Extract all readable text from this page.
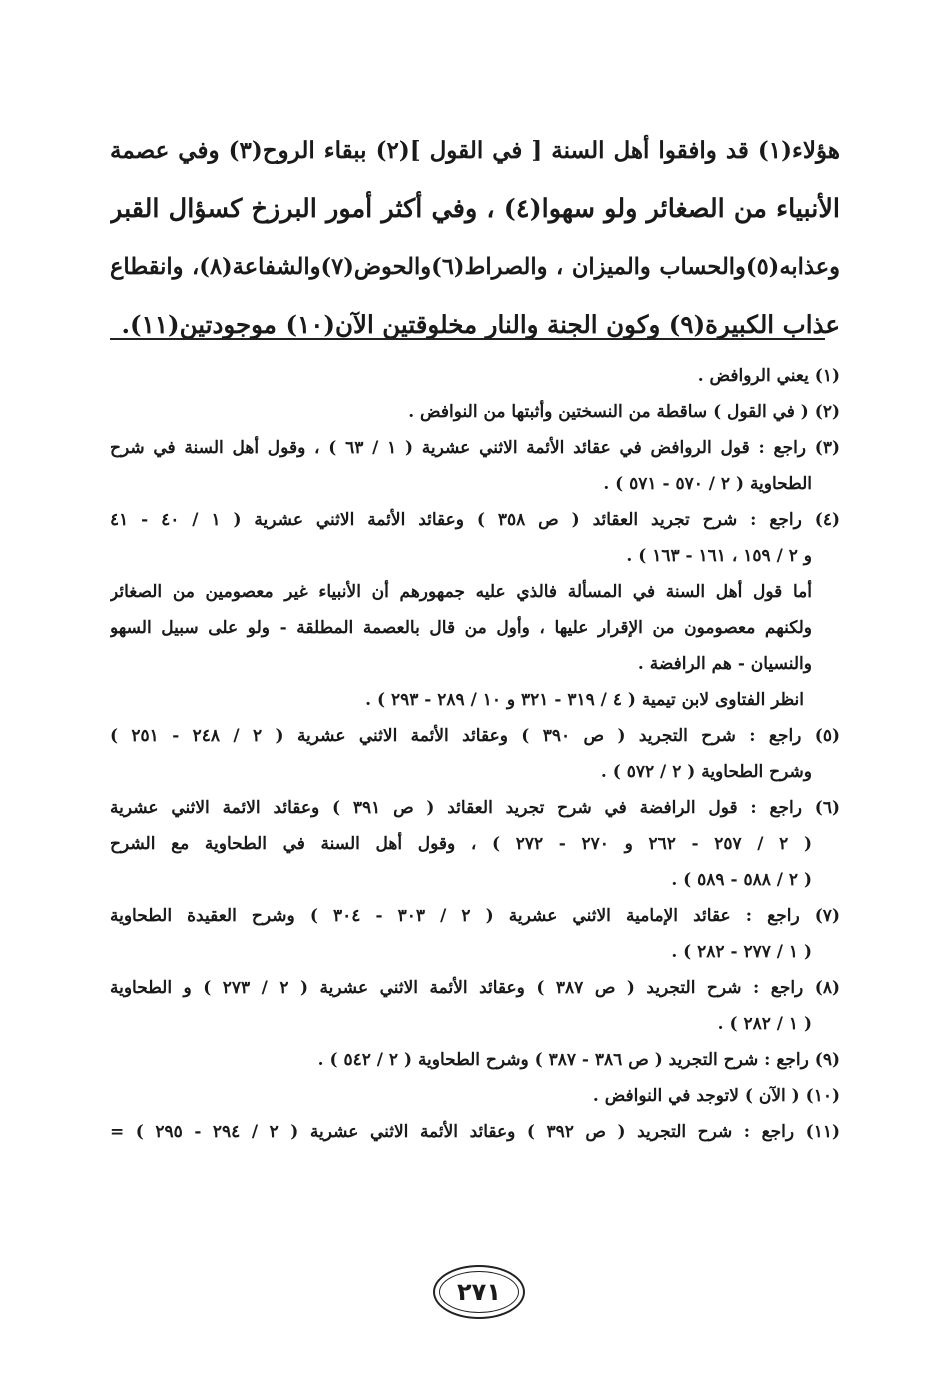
هؤلاء(١) قد وافقوا أهل السنة [ في القول ](٢) ببقاء الروح(٣) وفي عصمة
الأنبياء من الصغائر ولو سهوا(٤) ، وفي أكثر أمور البرزخ كسؤال القبر
وعذابه(٥)والحساب والميزان ، والصراط(٦)والحوض(٧)والشفاعة(٨)، وانقطاع
عذاب الكبيرة(٩) وكون الجنة والنار مخلوقتين الآن(١٠) موجودتين(١١).
(١) يعني الروافض .
(٢) ( في القول ) ساقطة من النسختين وأثبتها من النوافض .
(٣) راجع : قول الروافض في عقائد الأئمة الاثني عشرية ( ١ / ٦٣ ) ، وقول أهل السنة في شرح
الطحاوية ( ٢ / ٥٧٠ - ٥٧١ ) .
(٤) راجع : شرح تجريد العقائد ( ص ٣٥٨ ) وعقائد الأئمة الاثني عشرية ( ١ / ٤٠ - ٤١
و ٢ / ١٥٩ ، ١٦١ - ١٦٣ ) .
أما قول أهل السنة في المسألة فالذي عليه جمهورهم أن الأنبياء غير معصومين من الصغائر
ولكنهم معصومون من الإقرار عليها ، وأول من قال بالعصمة المطلقة - ولو على سبيل السهو
والنسيان - هم الرافضة .
انظر الفتاوى لابن تيمية ( ٤ / ٣١٩ - ٣٢١ و ١٠ / ٢٨٩ - ٢٩٣ ) .
(٥) راجع : شرح التجريد ( ص ٣٩٠ ) وعقائد الأئمة الاثني عشرية ( ٢ / ٢٤٨ - ٢٥١ )
وشرح الطحاوية ( ٢ / ٥٧٢ ) .
(٦) راجع : قول الرافضة في شرح تجريد العقائد ( ص ٣٩١ ) وعقائد الائمة الاثني عشرية
( ٢ / ٢٥٧ - ٢٦٢ و ٢٧٠ - ٢٧٢ ) ، وقول أهل السنة في الطحاوية مع الشرح
( ٢ / ٥٨٨ - ٥٨٩ ) .
(٧) راجع : عقائد الإمامية الاثني عشرية ( ٢ / ٣٠٣ - ٣٠٤ ) وشرح العقيدة الطحاوية
( ١ / ٢٧٧ - ٢٨٢ ) .
(٨) راجع : شرح التجريد ( ص ٣٨٧ ) وعقائد الأئمة الاثني عشرية ( ٢ / ٢٧٣ ) و الطحاوية
( ١ / ٢٨٢ ) .
(٩) راجع : شرح التجريد ( ص ٣٨٦ - ٣٨٧ ) وشرح الطحاوية ( ٢ / ٥٤٢ ) .
(١٠) ( الآن ) لاتوجد في النوافض .
(١١) راجع : شرح التجريد ( ص ٣٩٢ ) وعقائد الأئمة الاثني عشرية ( ٢ / ٢٩٤ - ٢٩٥ ) =
٢٧١
